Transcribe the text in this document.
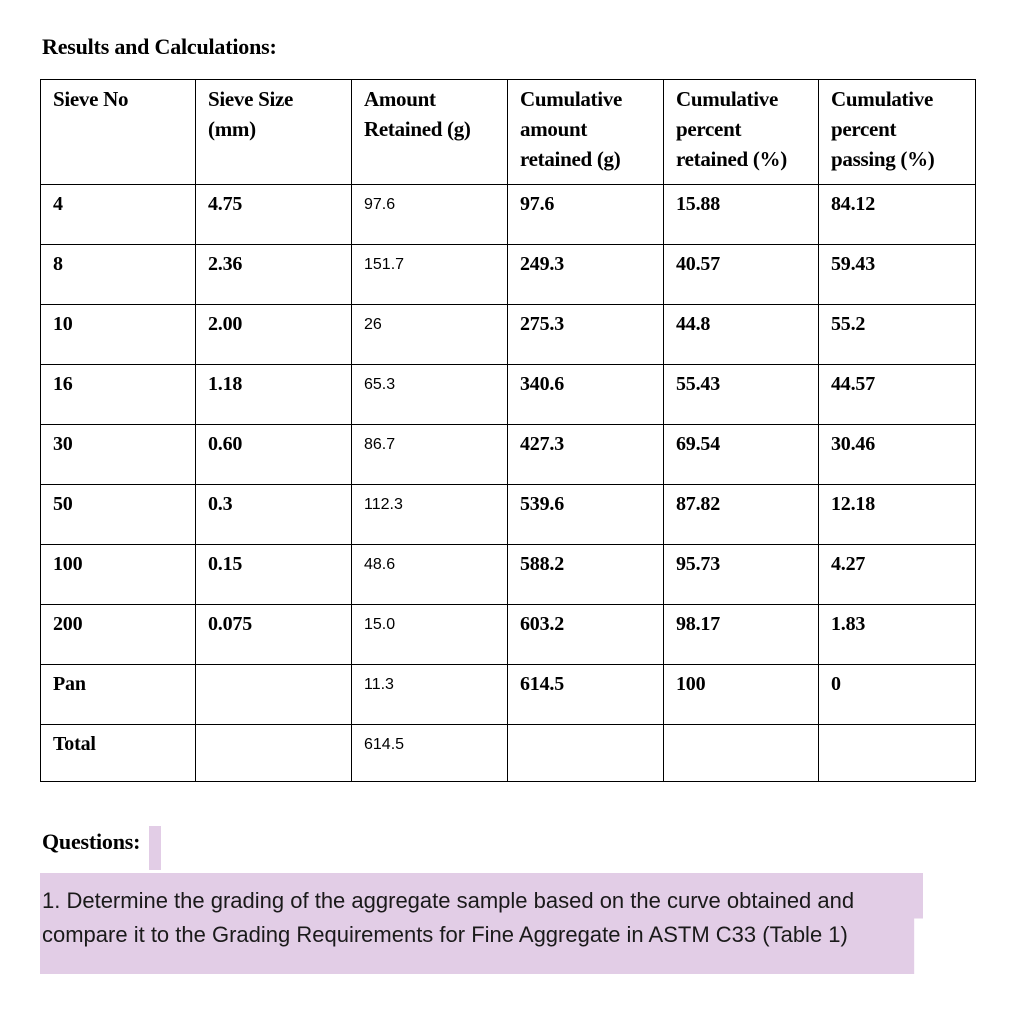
Results and Calculations:
Sieve No	Sieve Size (mm)	Amount Retained (g)	Cumulative amount retained (g)	Cumulative percent retained (%)	Cumulative percent passing (%)
4	4.75	97.6	97.6	15.88	84.12
8	2.36	151.7	249.3	40.57	59.43
10	2.00	26	275.3	44.8	55.2
16	1.18	65.3	340.6	55.43	44.57
30	0.60	86.7	427.3	69.54	30.46
50	0.3	112.3	539.6	87.82	12.18
100	0.15	48.6	588.2	95.73	4.27
200	0.075	15.0	603.2	98.17	1.83
Pan		11.3	614.5	100	0
Total		614.5			
Questions:
1. Determine the grading of the aggregate sample based on the curve obtained and compare it to the Grading Requirements for Fine Aggregate in ASTM C33 (Table 1)
